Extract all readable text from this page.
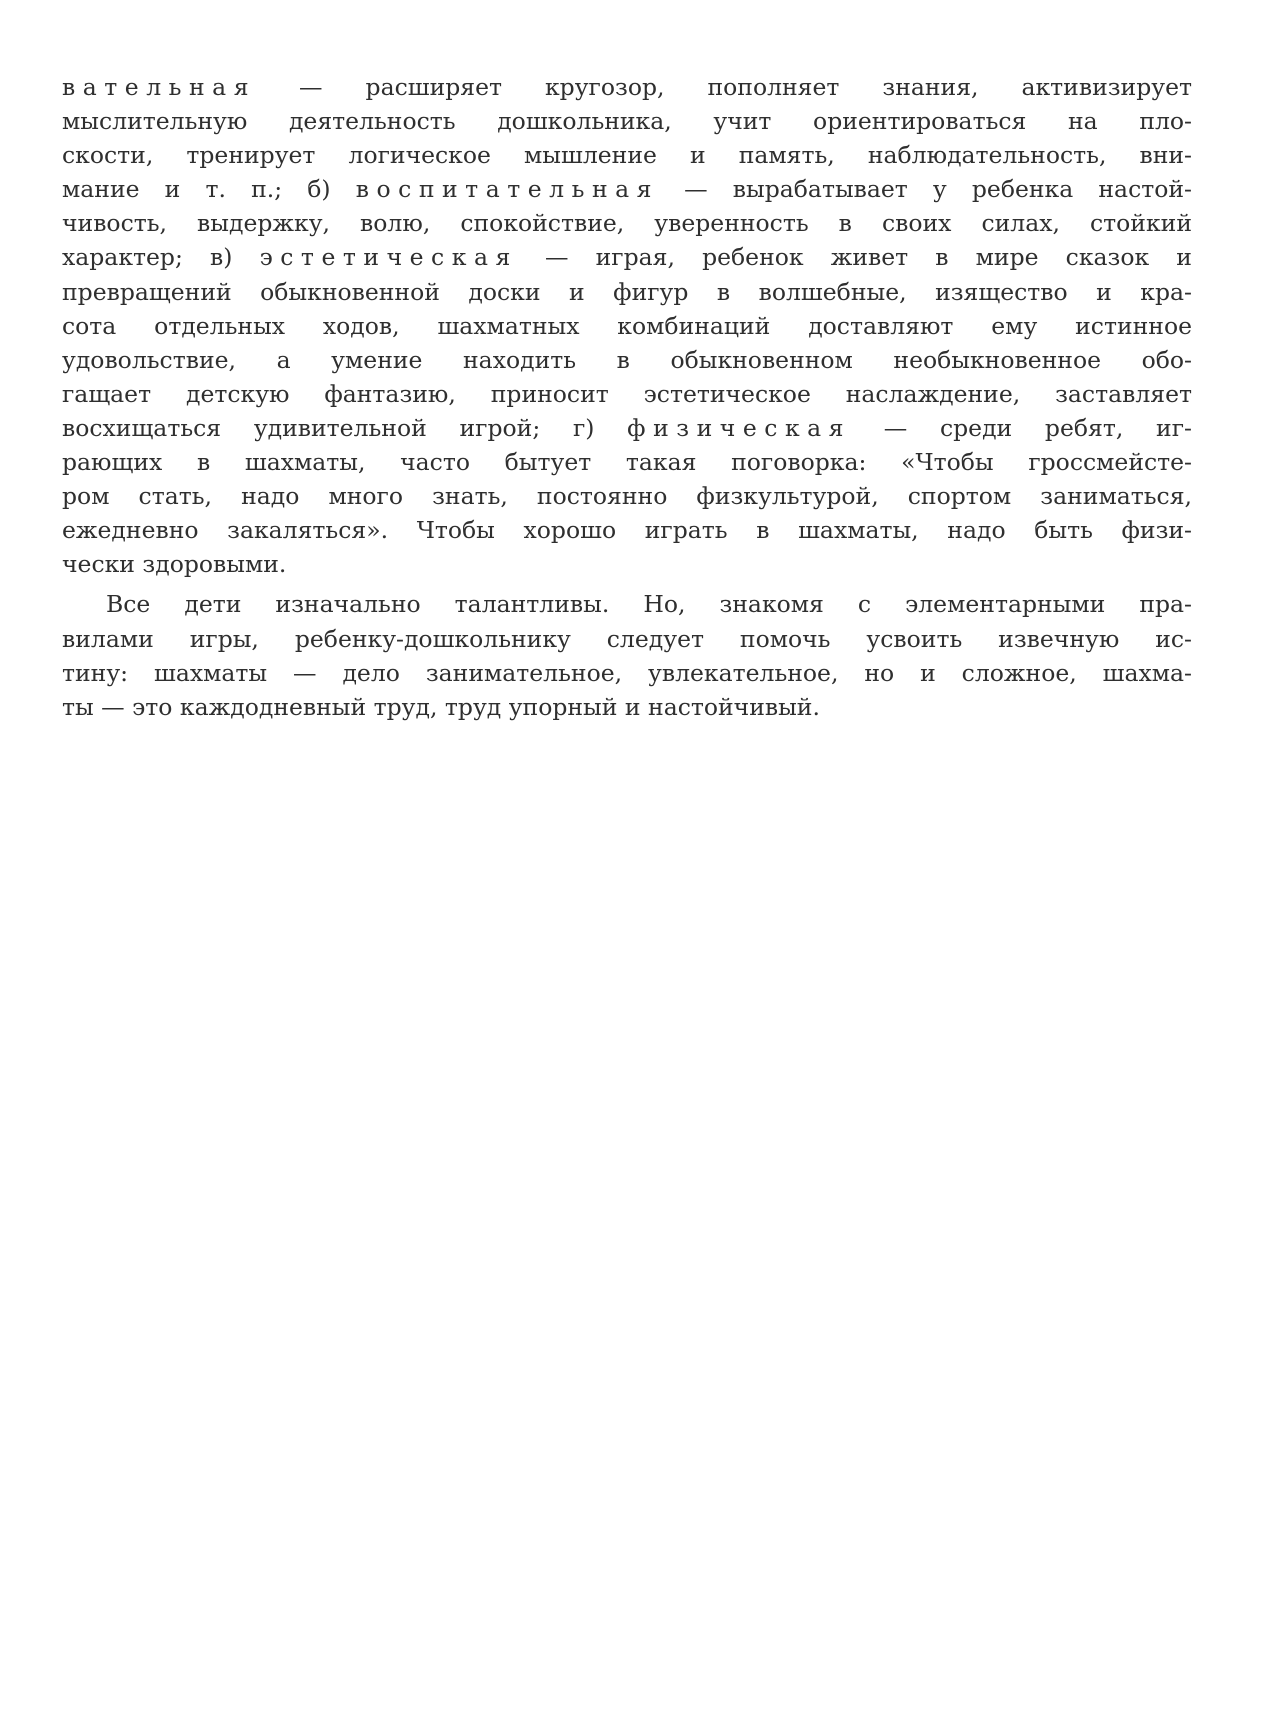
вательная — расширяет кругозор, пополняет знания, активизирует
мыслительную деятельность дошкольника, учит ориентироваться на пло-
скости, тренирует логическое мышление и память, наблюдательность, вни-
мание и т. п.; б) воспитательная — вырабатывает у ребенка настой-
чивость, выдержку, волю, спокойствие, уверенность в своих силах, стойкий
характер; в) эстетическая — играя, ребенок живет в мире сказок и
превращений обыкновенной доски и фигур в волшебные, изящество и кра-
сота отдельных ходов, шахматных комбинаций доставляют ему истинное
удовольствие, а умение находить в обыкновенном необыкновенное обо-
гащает детскую фантазию, приносит эстетическое наслаждение, заставляет
восхищаться удивительной игрой; г) физическая — среди ребят, иг-
рающих в шахматы, часто бытует такая поговорка: «Чтобы гроссмейсте-
ром стать, надо много знать, постоянно физкультурой, спортом заниматься,
ежедневно закаляться». Чтобы хорошо играть в шахматы, надо быть физи-
чески здоровыми.
Все дети изначально талантливы. Но, знакомя с элементарными пра-
вилами игры, ребенку-дошкольнику следует помочь усвоить извечную ис-
тину: шахматы — дело занимательное, увлекательное, но и сложное, шахма-
ты — это каждодневный труд, труд упорный и настойчивый.
